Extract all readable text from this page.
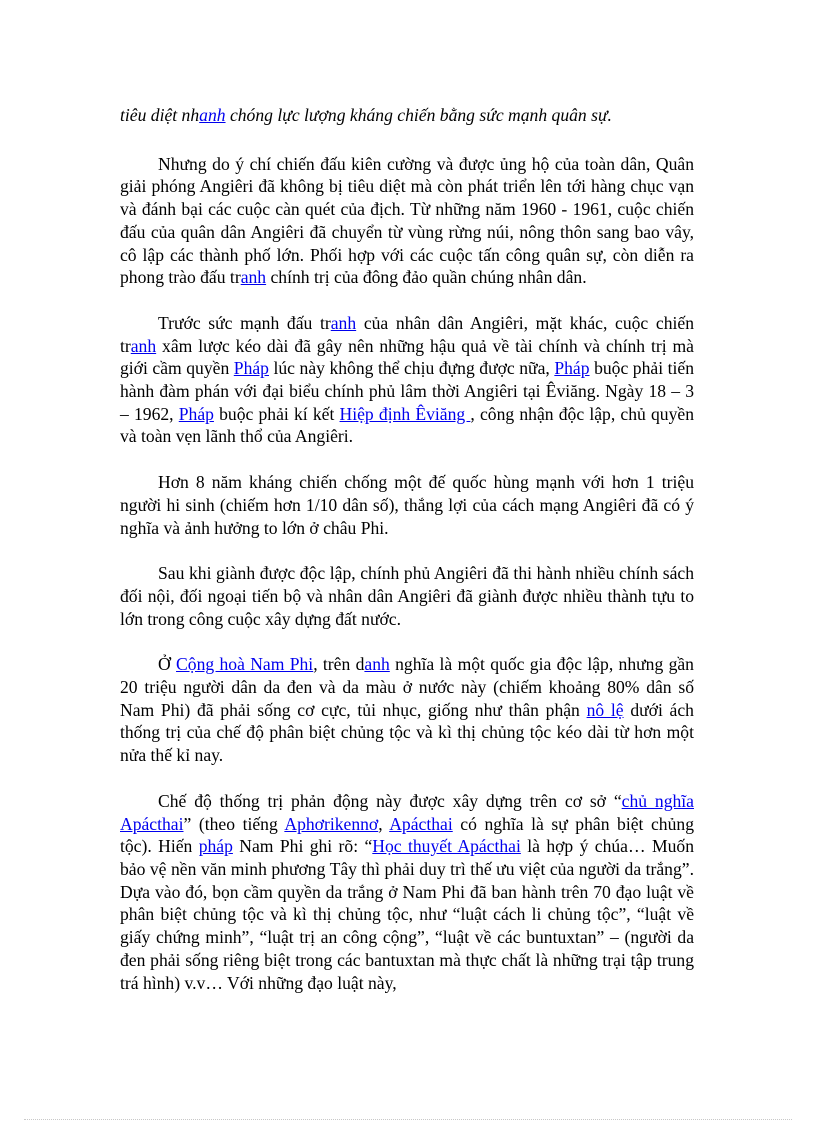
tiêu diệt nhanh chóng lực lượng kháng chiến bằng sức mạnh quân sự.

Nhưng do ý chí chiến đấu kiên cường và được ủng hộ của toàn dân, Quân giải phóng Angiêri đã không bị tiêu diệt mà còn phát triển lên tới hàng chục vạn và đánh bại các cuộc càn quét của địch. Từ những năm 1960 - 1961, cuộc chiến đấu của quân dân Angiêri đã chuyển từ vùng rừng núi, nông thôn sang bao vây, cô lập các thành phố lớn. Phối hợp với các cuộc tấn công quân sự, còn diễn ra phong trào đấu tranh chính trị của đông đảo quần chúng nhân dân.

Trước sức mạnh đấu tranh của nhân dân Angiêri, mặt khác, cuộc chiến tranh xâm lược kéo dài đã gây nên những hậu quả về tài chính và chính trị mà giới cầm quyền Pháp lúc này không thể chịu đựng được nữa, Pháp buộc phải tiến hành đàm phán với đại biểu chính phủ lâm thời Angiêri tại Êviăng. Ngày 18 – 3 – 1962, Pháp buộc phải kí kết Hiệp định Êviăng , công nhận độc lập, chủ quyền và toàn vẹn lãnh thổ của Angiêri.

Hơn 8 năm kháng chiến chống một đế quốc hùng mạnh với hơn 1 triệu người hi sinh (chiếm hơn 1/10 dân số), thắng lợi của cách mạng Angiêri đã có ý nghĩa và ảnh hưởng to lớn ở châu Phi.

Sau khi giành được độc lập, chính phủ Angiêri đã thi hành nhiều chính sách đối nội, đối ngoại tiến bộ và nhân dân Angiêri đã giành được nhiều thành tựu to lớn trong công cuộc xây dựng đất nước.

Ở Cộng hoà Nam Phi, trên danh nghĩa là một quốc gia độc lập, nhưng gần 20 triệu người dân da đen và da màu ở nước này (chiếm khoảng 80% dân số Nam Phi) đã phải sống cơ cực, tủi nhục, giống như thân phận nô lệ dưới ách thống trị của chế độ phân biệt chủng tộc và kì thị chủng tộc kéo dài từ hơn một nửa thế kỉ nay.

Chế độ thống trị phản động này được xây dựng trên cơ sở “chủ nghĩa Apácthai” (theo tiếng Aphơrikennơ, Apácthai có nghĩa là sự phân biệt chủng tộc). Hiến pháp Nam Phi ghi rõ: “Học thuyết Apácthai là hợp ý chúa… Muốn bảo vệ nền văn minh phương Tây thì phải duy trì thế ưu việt của người da trắng”. Dựa vào đó, bọn cầm quyền da trắng ở Nam Phi đã ban hành trên 70 đạo luật về phân biệt chủng tộc và kì thị chủng tộc, như “luật cách li chủng tộc”, “luật về giấy chứng minh”, “luật trị an công cộng”, “luật về các buntuxtan” – (người da đen phải sống riêng biệt trong các bantuxtan mà thực chất là những trại tập trung trá hình) v.v… Với những đạo luật này,
